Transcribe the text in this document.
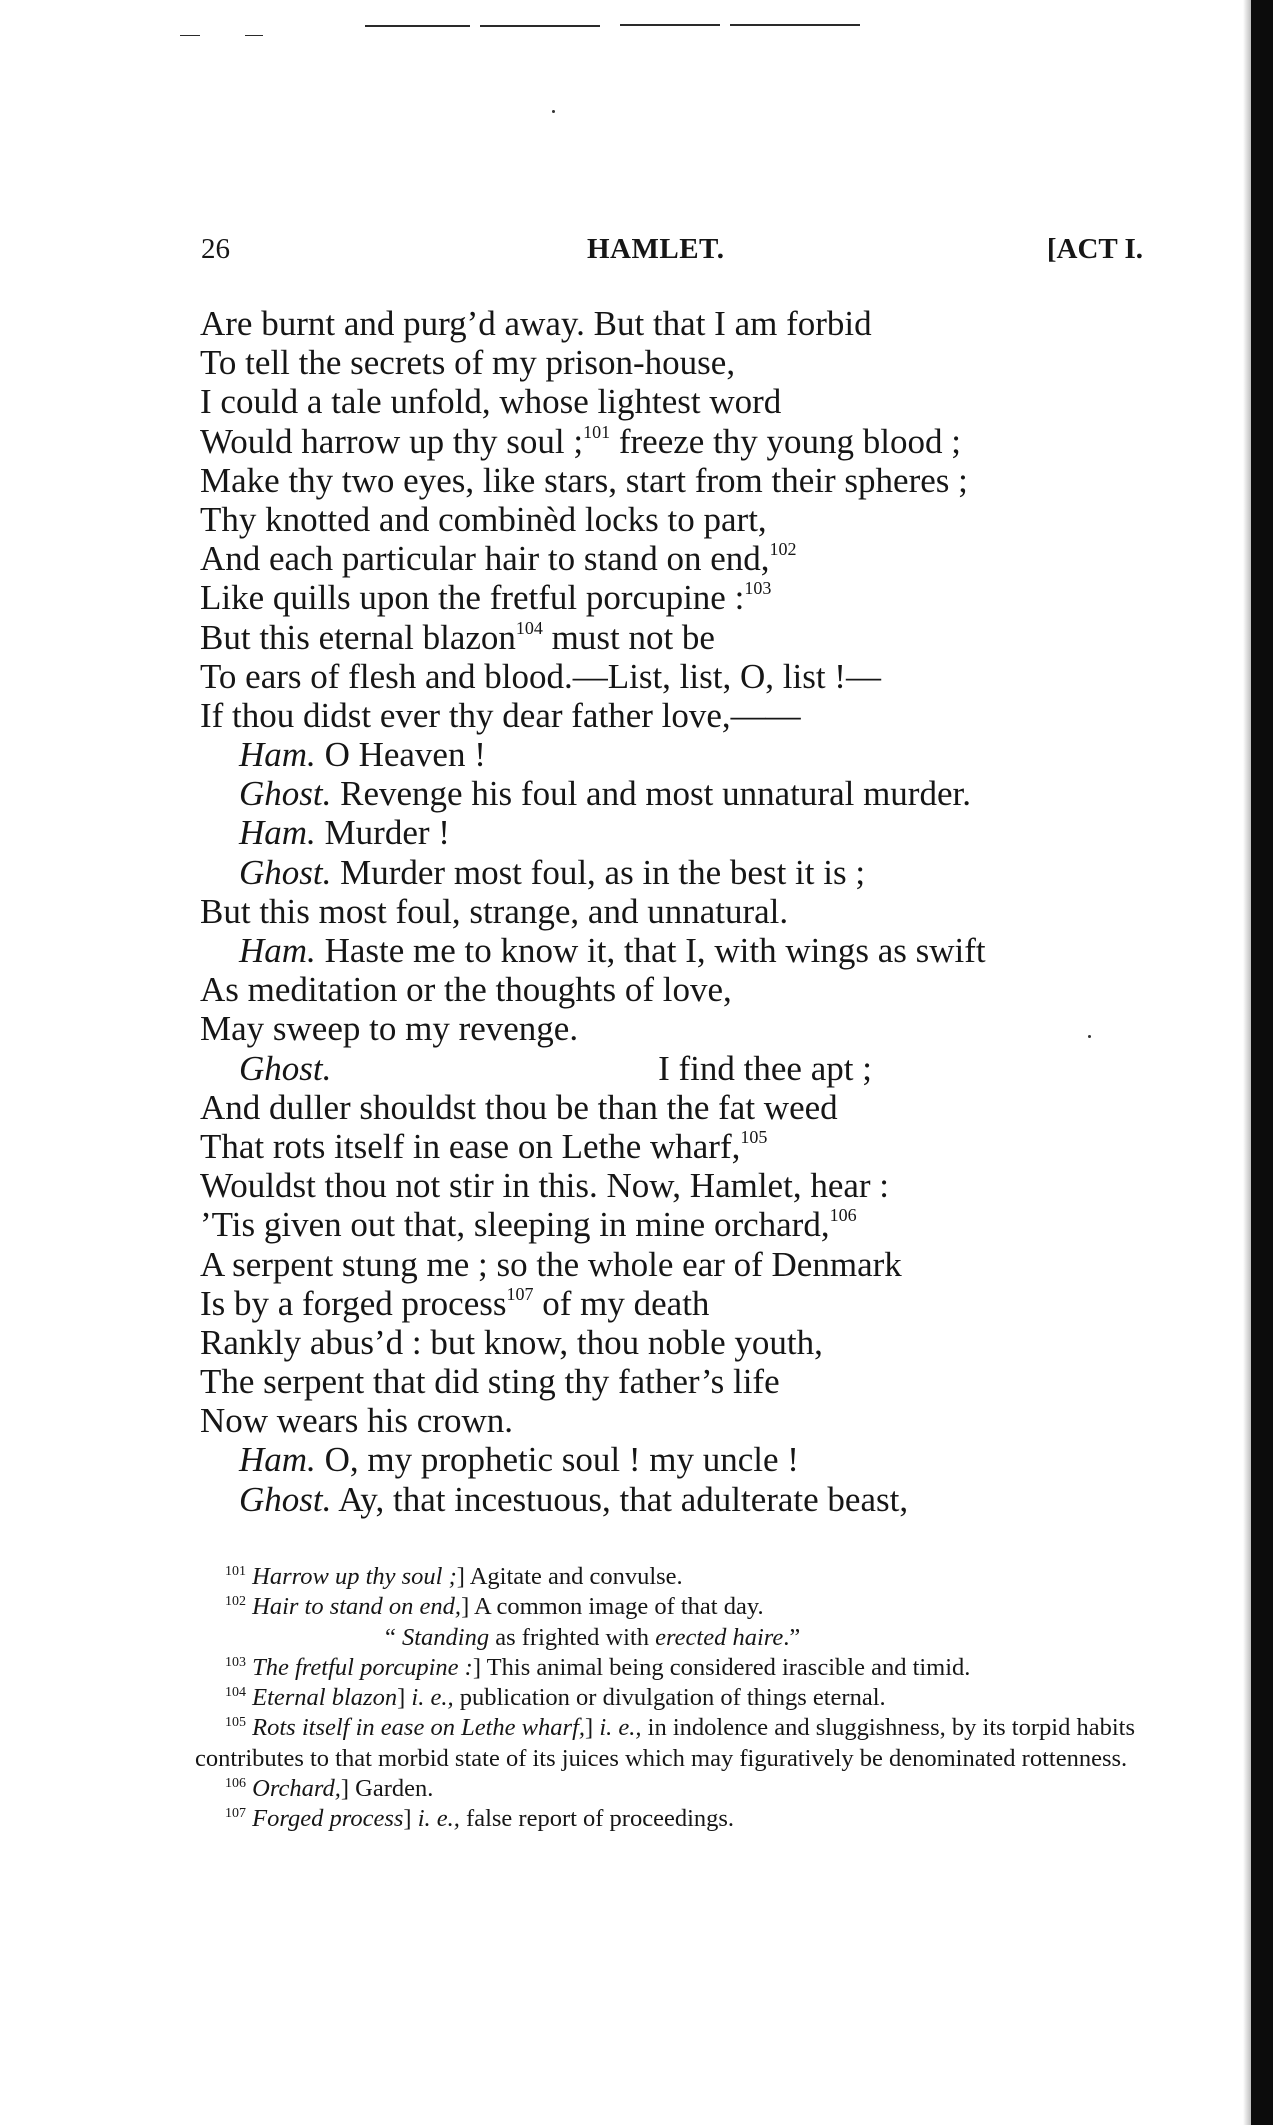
26	HAMLET.	[ACT I.
Are burnt and purg’d away. But that I am forbid
To tell the secrets of my prison-house,
I could a tale unfold, whose lightest word
Would harrow up thy soul ;$^{101}$ freeze thy young blood ;
Make thy two eyes, like stars, start from their spheres ;
Thy knotted and combinèd locks to part,
And each particular hair to stand on end,$^{102}$
Like quills upon the fretful porcupine :$^{103}$
But this eternal blazon$^{104}$ must not be
To ears of flesh and blood.—List, list, O, list !—
If thou didst ever thy dear father love,——
Ham. O Heaven !
Ghost. Revenge his foul and most unnatural murder.
Ham. Murder !
Ghost. Murder most foul, as in the best it is ;
But this most foul, strange, and unnatural.
Ham. Haste me to know it, that I, with wings as swift
As meditation or the thoughts of love,
May sweep to my revenge.
Ghost.	I find thee apt ;
And duller shouldst thou be than the fat weed
That rots itself in ease on Lethe wharf,$^{105}$
Wouldst thou not stir in this. Now, Hamlet, hear :
’Tis given out that, sleeping in mine orchard,$^{106}$
A serpent stung me ; so the whole ear of Denmark
Is by a forged process$^{107}$ of my death
Rankly abus’d : but know, thou noble youth,
The serpent that did sting thy father’s life
Now wears his crown.
Ham. O, my prophetic soul ! my uncle !
Ghost. Ay, that incestuous, that adulterate beast,
$^{101}$ Harrow up thy soul ;] Agitate and convulse.
$^{102}$ Hair to stand on end,] A common image of that day.
“ Standing as frighted with erected haire.”
$^{103}$ The fretful porcupine :] This animal being considered irascible and timid.
$^{104}$ Eternal blazon] i. e., publication or divulgation of things eternal.
$^{105}$ Rots itself in ease on Lethe wharf,] i. e., in indolence and sluggishness, by its torpid habits contributes to that morbid state of its juices which may figuratively be denominated rottenness.
$^{106}$ Orchard,] Garden.
$^{107}$ Forged process] i. e., false report of proceedings.
